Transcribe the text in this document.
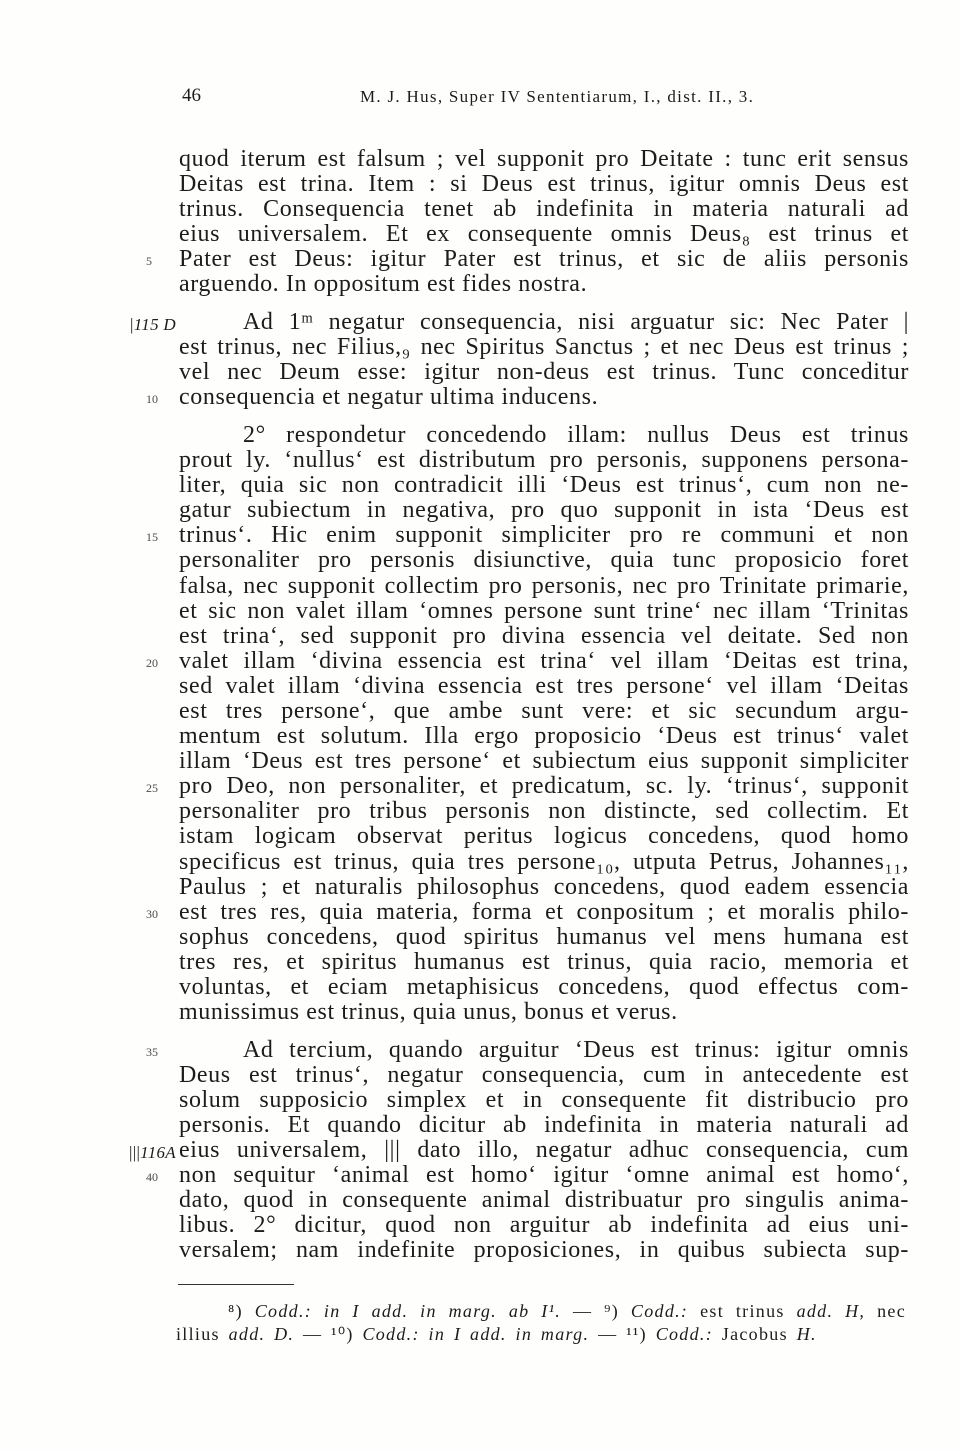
46	M. J. Hus, Super IV Sententiarum, I., dist. II., 3.
quod iterum est falsum ; vel supponit pro Deitate : tunc erit sensus
Deitas est trina. Item : si Deus est trinus, igitur omnis Deus est
trinus. Consequencia tenet ab indefinita in materia naturali ad
eius universalem. Et ex consequente omnis Deus₈ est trinus et
Pater est Deus: igitur Pater est trinus, et sic de aliis personis
5
arguendo. In oppositum est fides nostra.
Ad 1ᵐ negatur consequencia, nisi arguatur sic: Nec Pater |
|115 D
est trinus, nec Filius,₉ nec Spiritus Sanctus ; et nec Deus est trinus ;
vel nec Deum esse: igitur non-deus est trinus. Tunc conceditur
consequencia et negatur ultima inducens.
10
2° respondetur concedendo illam: nullus Deus est trinus
prout ly. ‘nullus‘ est distributum pro personis, supponens persona-
liter, quia sic non contradicit illi ‘Deus est trinus‘, cum non ne-
gatur subiectum in negativa, pro quo supponit in ista ‘Deus est
trinus‘. Hic enim supponit simpliciter pro re communi et non
15
personaliter pro personis disiunctive, quia tunc proposicio foret
falsa, nec supponit collectim pro personis, nec pro Trinitate primarie,
et sic non valet illam ‘omnes persone sunt trine‘ nec illam ‘Trinitas
est trina‘, sed supponit pro divina essencia vel deitate. Sed non
valet illam ‘divina essencia est trina‘ vel illam ‘Deitas est trina,
20
sed valet illam ‘divina essencia est tres persone‘ vel illam ‘Deitas
est tres persone‘, que ambe sunt vere: et sic secundum argu-
mentum est solutum. Illa ergo proposicio ‘Deus est trinus‘ valet
illam ‘Deus est tres persone‘ et subiectum eius supponit simpliciter
pro Deo, non personaliter, et predicatum, sc. ly. ‘trinus‘, supponit
25
personaliter pro tribus personis non distincte, sed collectim. Et
istam logicam observat peritus logicus concedens, quod homo
specificus est trinus, quia tres persone₁₀, utputa Petrus, Johannes₁₁,
Paulus ; et naturalis philosophus concedens, quod eadem essencia
est tres res, quia materia, forma et conpositum ; et moralis philo-
30
sophus concedens, quod spiritus humanus vel mens humana est
tres res, et spiritus humanus est trinus, quia racio, memoria et
voluntas, et eciam metaphisicus concedens, quod effectus com-
munissimus est trinus, quia unus, bonus et verus.
Ad tercium, quando arguitur ‘Deus est trinus: igitur omnis
35
Deus est trinus‘, negatur consequencia, cum in antecedente est
solum supposicio simplex et in consequente fit distribucio pro
personis. Et quando dicitur ab indefinita in materia naturali ad
eius universalem, ||| dato illo, negatur adhuc consequencia, cum
|||116A
non sequitur ‘animal est homo‘ igitur ‘omne animal est homo‘,
40
dato, quod in consequente animal distribuatur pro singulis anima-
libus. 2° dicitur, quod non arguitur ab indefinita ad eius uni-
versalem; nam indefinite proposiciones, in quibus subiecta sup-
⁸) Codd.: in I add. in marg. ab I¹. — ⁹) Codd.: est trinus add. H, nec
illius add. D. — ¹⁰) Codd.: in I add. in marg. — ¹¹) Codd.: Jacobus H.
